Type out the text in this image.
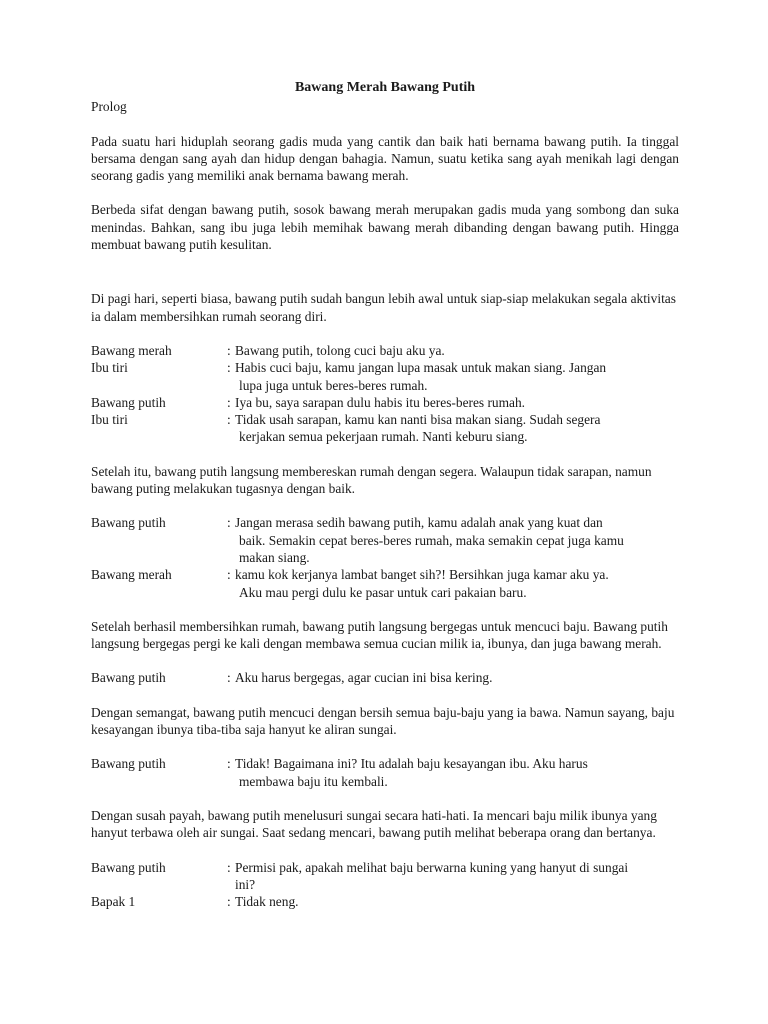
Bawang Merah Bawang Putih
Prolog
Pada suatu hari hiduplah seorang gadis muda yang cantik dan baik hati bernama bawang putih. Ia tinggal bersama dengan sang ayah dan hidup dengan bahagia. Namun, suatu ketika sang ayah menikah lagi dengan seorang gadis yang memiliki anak bernama bawang merah.
Berbeda sifat dengan bawang putih, sosok bawang merah merupakan gadis muda yang sombong dan suka menindas. Bahkan, sang ibu juga lebih memihak bawang merah dibanding dengan bawang putih. Hingga membuat bawang putih kesulitan.
Di pagi hari, seperti biasa, bawang putih sudah bangun lebih awal untuk siap-siap melakukan segala aktivitas ia dalam membersihkan rumah seorang diri.
Bawang merah	: Bawang putih, tolong cuci baju aku ya.
Ibu tiri	: Habis cuci baju, kamu jangan lupa masak untuk makan siang. Jangan
lupa juga untuk beres-beres rumah.
Bawang putih	: Iya bu, saya sarapan dulu habis itu beres-beres rumah.
Ibu tiri	: Tidak usah sarapan, kamu kan nanti bisa makan siang. Sudah segera
kerjakan semua pekerjaan rumah. Nanti keburu siang.
Setelah itu, bawang putih langsung membereskan rumah dengan segera. Walaupun tidak sarapan, namun bawang puting melakukan tugasnya dengan baik.
Bawang putih	: Jangan merasa sedih bawang putih, kamu adalah anak yang kuat dan
baik. Semakin cepat beres-beres rumah, maka semakin cepat juga kamu
makan siang.
Bawang merah	: kamu kok kerjanya lambat banget sih?! Bersihkan juga kamar aku ya.
Aku mau pergi dulu ke pasar untuk cari pakaian baru.
Setelah berhasil membersihkan rumah, bawang putih langsung bergegas untuk mencuci baju. Bawang putih langsung bergegas pergi ke kali dengan membawa semua cucian milik ia, ibunya, dan juga bawang merah.
Bawang putih	: Aku harus bergegas, agar cucian ini bisa kering.
Dengan semangat, bawang putih mencuci dengan bersih semua baju-baju yang ia bawa. Namun sayang, baju kesayangan ibunya tiba-tiba saja hanyut ke aliran sungai.
Bawang putih	: Tidak! Bagaimana ini? Itu adalah baju kesayangan ibu. Aku harus
membawa baju itu kembali.
Dengan susah payah, bawang putih menelusuri sungai secara hati-hati. Ia mencari baju milik ibunya yang hanyut terbawa oleh air sungai. Saat sedang mencari, bawang putih melihat beberapa orang dan bertanya.
Bawang putih	: Permisi pak, apakah melihat baju berwarna kuning yang hanyut di sungai
ini?
Bapak 1	: Tidak neng.
